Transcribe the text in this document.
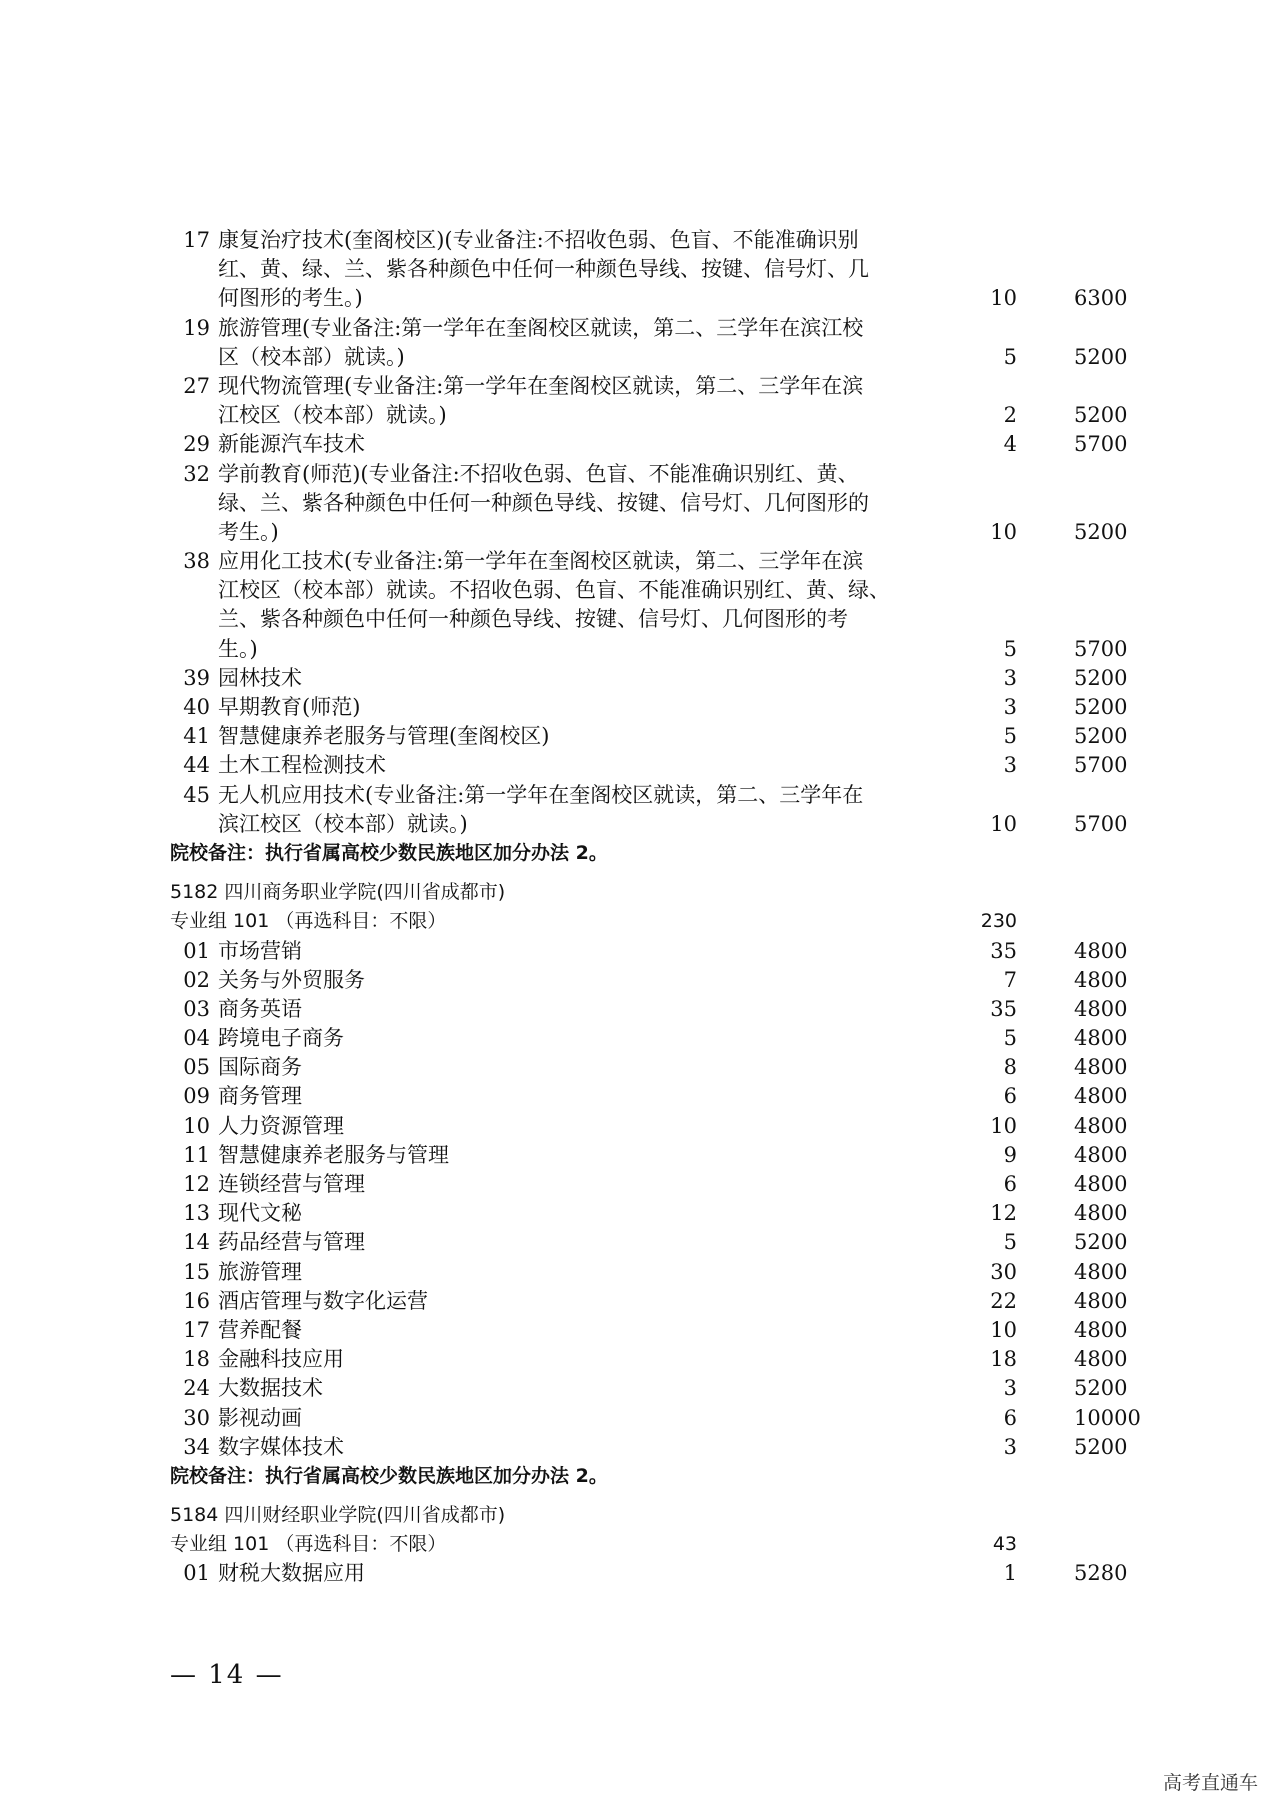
17 康复治疗技术(奎阁校区)(专业备注:不招收色弱、色盲、不能准确识别
红、黄、绿、兰、紫各种颜色中任何一种颜色导线、按键、信号灯、几
何图形的考生。)	10	6300
19 旅游管理(专业备注:第一学年在奎阁校区就读，第二、三学年在滨江校
区（校本部）就读。)	5	5200
27 现代物流管理(专业备注:第一学年在奎阁校区就读，第二、三学年在滨
江校区（校本部）就读。)	2	5200
29 新能源汽车技术	4	5700
32 学前教育(师范)(专业备注:不招收色弱、色盲、不能准确识别红、黄、
绿、兰、紫各种颜色中任何一种颜色导线、按键、信号灯、几何图形的
考生。)	10	5200
38 应用化工技术(专业备注:第一学年在奎阁校区就读，第二、三学年在滨
江校区（校本部）就读。不招收色弱、色盲、不能准确识别红、黄、绿、
兰、紫各种颜色中任何一种颜色导线、按键、信号灯、几何图形的考
生。)	5	5700
39 园林技术	3	5200
40 早期教育(师范)	3	5200
41 智慧健康养老服务与管理(奎阁校区)	5	5200
44 土木工程检测技术	3	5700
45 无人机应用技术(专业备注:第一学年在奎阁校区就读，第二、三学年在
滨江校区（校本部）就读。)	10	5700
院校备注：执行省属高校少数民族地区加分办法 2。
5182 四川商务职业学院(四川省成都市)
专业组 101 （再选科目：不限）	230
01 市场营销	35	4800
02 关务与外贸服务	7	4800
03 商务英语	35	4800
04 跨境电子商务	5	4800
05 国际商务	8	4800
09 商务管理	6	4800
10 人力资源管理	10	4800
11 智慧健康养老服务与管理	9	4800
12 连锁经营与管理	6	4800
13 现代文秘	12	4800
14 药品经营与管理	5	5200
15 旅游管理	30	4800
16 酒店管理与数字化运营	22	4800
17 营养配餐	10	4800
18 金融科技应用	18	4800
24 大数据技术	3	5200
30 影视动画	6	10000
34 数字媒体技术	3	5200
院校备注：执行省属高校少数民族地区加分办法 2。
5184 四川财经职业学院(四川省成都市)
专业组 101 （再选科目：不限）	43
01 财税大数据应用	1	5280
— 14 —
高考直通车
